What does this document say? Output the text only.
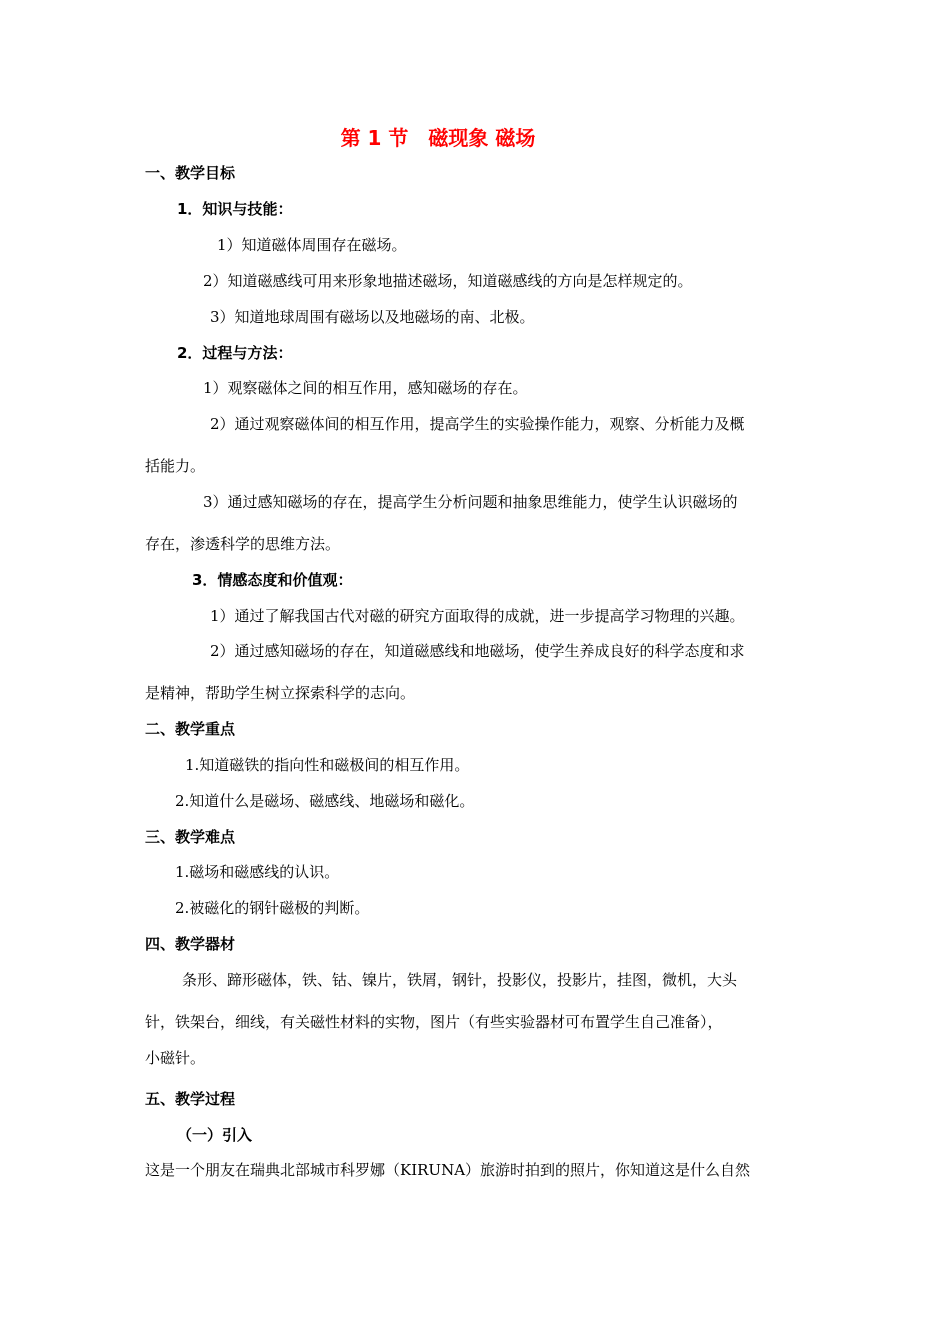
第 1 节　磁现象 磁场
一、教学目标
1．知识与技能：
1）知道磁体周围存在磁场。
2）知道磁感线可用来形象地描述磁场，知道磁感线的方向是怎样规定的。
3）知道地球周围有磁场以及地磁场的南、北极。
2．过程与方法：
1）观察磁体之间的相互作用，感知磁场的存在。
2）通过观察磁体间的相互作用，提高学生的实验操作能力，观察、分析能力及概
括能力。
3）通过感知磁场的存在，提高学生分析问题和抽象思维能力，使学生认识磁场的
存在，渗透科学的思维方法。
3．情感态度和价值观：
1）通过了解我国古代对磁的研究方面取得的成就，进一步提高学习物理的兴趣。
2）通过感知磁场的存在，知道磁感线和地磁场，使学生养成良好的科学态度和求
是精神，帮助学生树立探索科学的志向。
二、教学重点
1.知道磁铁的指向性和磁极间的相互作用。
2.知道什么是磁场、磁感线、地磁场和磁化。
三、教学难点
1.磁场和磁感线的认识。
2.被磁化的钢针磁极的判断。
四、教学器材
条形、蹄形磁体，铁、钴、镍片，铁屑，钢针，投影仪，投影片，挂图，微机，大头
针，铁架台，细线，有关磁性材料的实物，图片（有些实验器材可布置学生自己准备），
小磁针。
五、教学过程
（一）引入
这是一个朋友在瑞典北部城市科罗娜（KIRUNA）旅游时拍到的照片，你知道这是什么自然
